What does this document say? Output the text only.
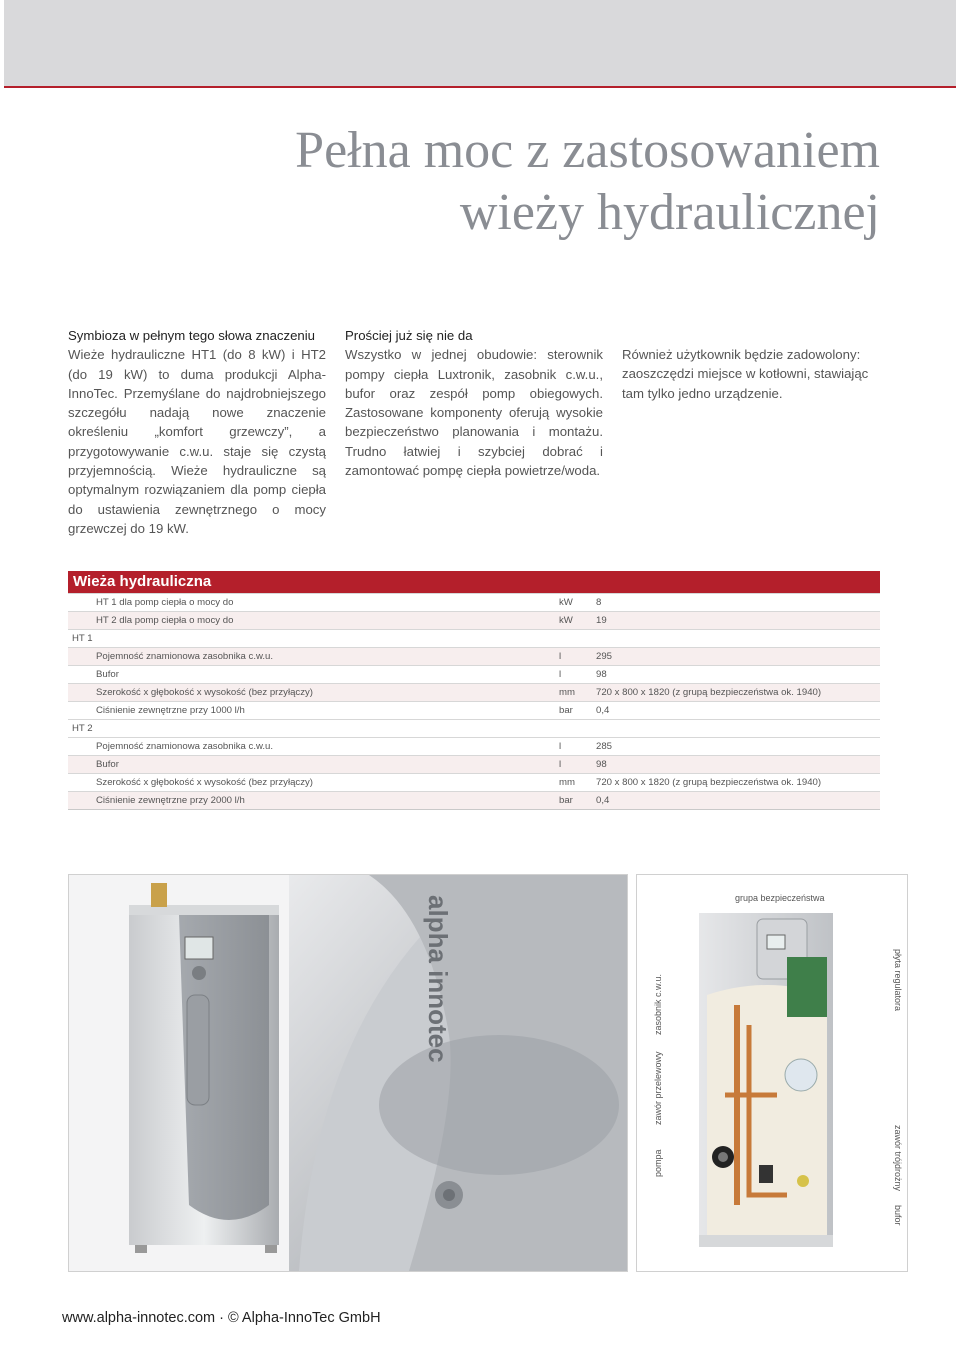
Pełna moc z zastosowaniem
wieży hydraulicznej

Symbioza w pełnym tego słowa znaczeniu

Wieże hydrauliczne HT1 (do 8 kW) i HT2 (do 19 kW) to duma produkcji Alpha-InnoTec. Przemyślane do najdrobniejszego szczegółu nadają nowe znaczenie określeniu „komfort grzewczy”, a przygotowywanie c.w.u. staje się czystą przyjemnością. Wieże hydrauliczne są optymalnym rozwiązaniem dla pomp ciepła do ustawienia zewnętrznego o mocy grzewczej do 19 kW.

Prościej już się nie da

Wszystko w jednej obudowie: sterownik pompy ciepła Luxtronik, zasobnik c.w.u., bufor oraz zespół pomp obiegowych. Zastosowane komponenty oferują wysokie bezpieczeństwo planowania i montażu. Trudno łatwiej i szybciej dobrać i zamontować pompę ciepła powietrze/woda.

Również użytkownik będzie zadowolony: zaoszczędzi miejsce w kotłowni, stawiając tam tylko jedno urządzenie.

Wieża hydrauliczna
HT 1 dla pomp ciepła o mocy do	kW 8
HT 2 dla pomp ciepła o mocy do	kW 19
HT 1
Pojemność znamionowa zasobnika c.w.u.	l	295
Bufor	l	98
Szerokość x głębokość x wysokość (bez przyłączy)	mm 720 x 800 x 1820 (z grupą bezpieczeństwa ok. 1940)
Ciśnienie zewnętrzne przy 1000 l/h	bar 0,4
HT 2
Pojemność znamionowa zasobnika c.w.u.	l	285
Bufor	l	98
Szerokość x głębokość x wysokość (bez przyłączy)	mm 720 x 800 x 1820 (z grupą bezpieczeństwa ok. 1940)
Ciśnienie zewnętrzne przy 2000 l/h	bar 0,4
alpha innotec	grupa bezpieczeństwa
zasobnik c.w.u.
zawór przelewowy
pompa
płyta regulatora
zawór trójdrożny
bufor
www.alpha-innotec.com · © Alpha-InnoTec GmbH
